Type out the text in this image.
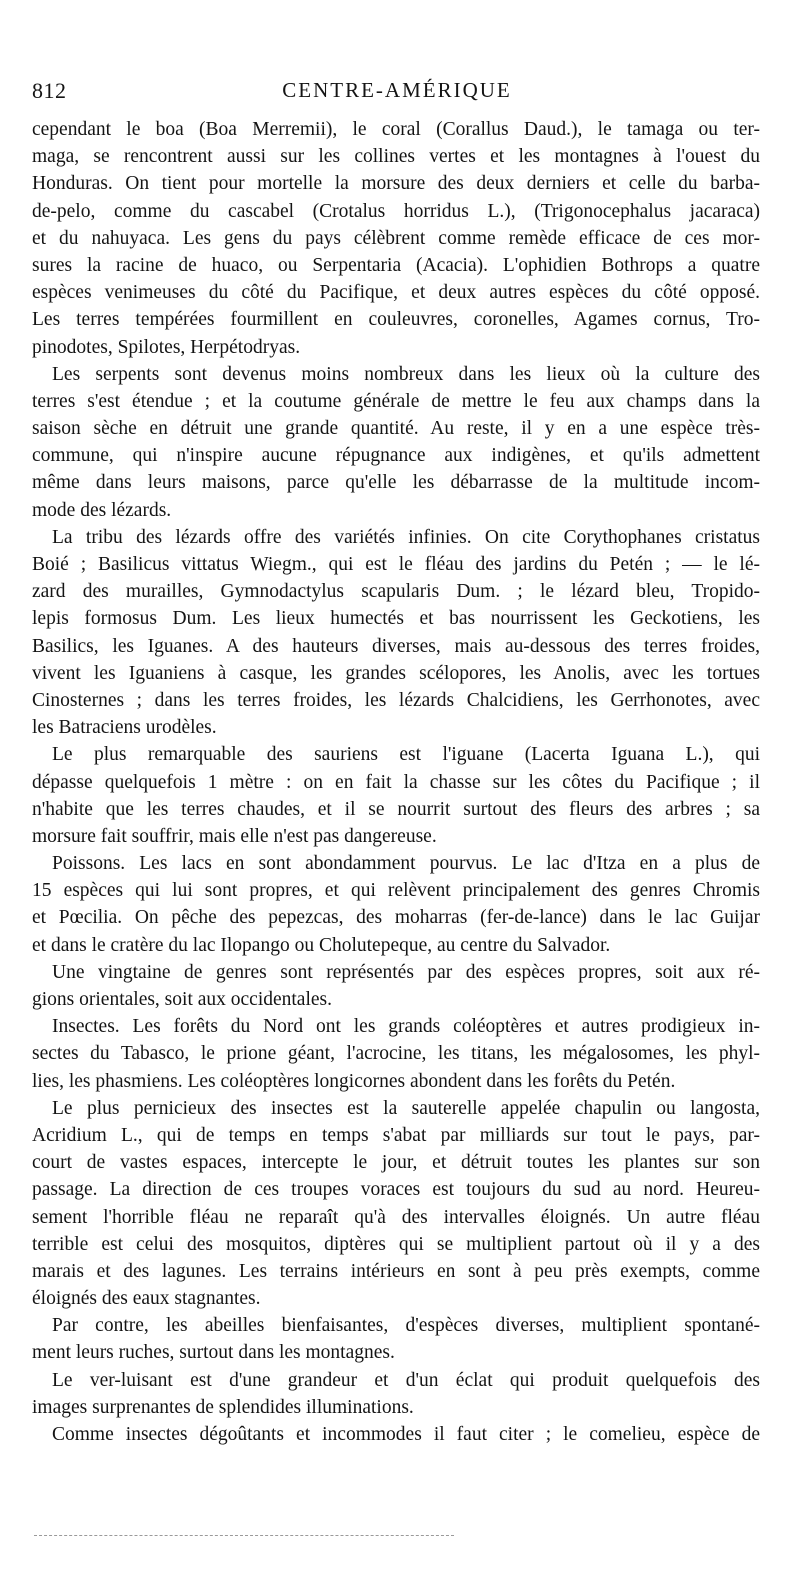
812	CENTRE-AMÉRIQUE
cependant le boa (Boa Merremii), le coral (Corallus Daud.), le tamaga ou ter-
maga, se rencontrent aussi sur les collines vertes et les montagnes à l'ouest du
Honduras. On tient pour mortelle la morsure des deux derniers et celle du barba-
de-pelo, comme du cascabel (Crotalus horridus L.), (Trigonocephalus jacaraca)
et du nahuyaca. Les gens du pays célèbrent comme remède efficace de ces mor-
sures la racine de huaco, ou Serpentaria (Acacia). L'ophidien Bothrops a quatre
espèces venimeuses du côté du Pacifique, et deux autres espèces du côté opposé.
Les terres tempérées fourmillent en couleuvres, coronelles, Agames cornus, Tro-
pinodotes, Spilotes, Herpétodryas.
Les serpents sont devenus moins nombreux dans les lieux où la culture des
terres s'est étendue ; et la coutume générale de mettre le feu aux champs dans la
saison sèche en détruit une grande quantité. Au reste, il y en a une espèce très-
commune, qui n'inspire aucune répugnance aux indigènes, et qu'ils admettent
même dans leurs maisons, parce qu'elle les débarrasse de la multitude incom-
mode des lézards.
La tribu des lézards offre des variétés infinies. On cite Corythophanes cristatus
Boié ; Basilicus vittatus Wiegm., qui est le fléau des jardins du Petén ; — le lé-
zard des murailles, Gymnodactylus scapularis Dum. ; le lézard bleu, Tropido-
lepis formosus Dum. Les lieux humectés et bas nourrissent les Geckotiens, les
Basilics, les Iguanes. A des hauteurs diverses, mais au-dessous des terres froides,
vivent les Iguaniens à casque, les grandes scélopores, les Anolis, avec les tortues
Cinosternes ; dans les terres froides, les lézards Chalcidiens, les Gerrhonotes, avec
les Batraciens urodèles.
Le plus remarquable des sauriens est l'iguane (Lacerta Iguana L.), qui
dépasse quelquefois 1 mètre : on en fait la chasse sur les côtes du Pacifique ; il
n'habite que les terres chaudes, et il se nourrit surtout des fleurs des arbres ; sa
morsure fait souffrir, mais elle n'est pas dangereuse.
Poissons. Les lacs en sont abondamment pourvus. Le lac d'Itza en a plus de
15 espèces qui lui sont propres, et qui relèvent principalement des genres Chromis
et Pœcilia. On pêche des pepezcas, des moharras (fer-de-lance) dans le lac Guijar
et dans le cratère du lac Ilopango ou Cholutepeque, au centre du Salvador.
Une vingtaine de genres sont représentés par des espèces propres, soit aux ré-
gions orientales, soit aux occidentales.
Insectes. Les forêts du Nord ont les grands coléoptères et autres prodigieux in-
sectes du Tabasco, le prione géant, l'acrocine, les titans, les mégalosomes, les phyl-
lies, les phasmiens. Les coléoptères longicornes abondent dans les forêts du Petén.
Le plus pernicieux des insectes est la sauterelle appelée chapulin ou langosta,
Acridium L., qui de temps en temps s'abat par milliards sur tout le pays, par-
court de vastes espaces, intercepte le jour, et détruit toutes les plantes sur son
passage. La direction de ces troupes voraces est toujours du sud au nord. Heureu-
sement l'horrible fléau ne reparaît qu'à des intervalles éloignés. Un autre fléau
terrible est celui des mosquitos, diptères qui se multiplient partout où il y a des
marais et des lagunes. Les terrains intérieurs en sont à peu près exempts, comme
éloignés des eaux stagnantes.
Par contre, les abeilles bienfaisantes, d'espèces diverses, multiplient spontané-
ment leurs ruches, surtout dans les montagnes.
Le ver-luisant est d'une grandeur et d'un éclat qui produit quelquefois des
images surprenantes de splendides illuminations.
Comme insectes dégoûtants et incommodes il faut citer ; le comelieu, espèce de
